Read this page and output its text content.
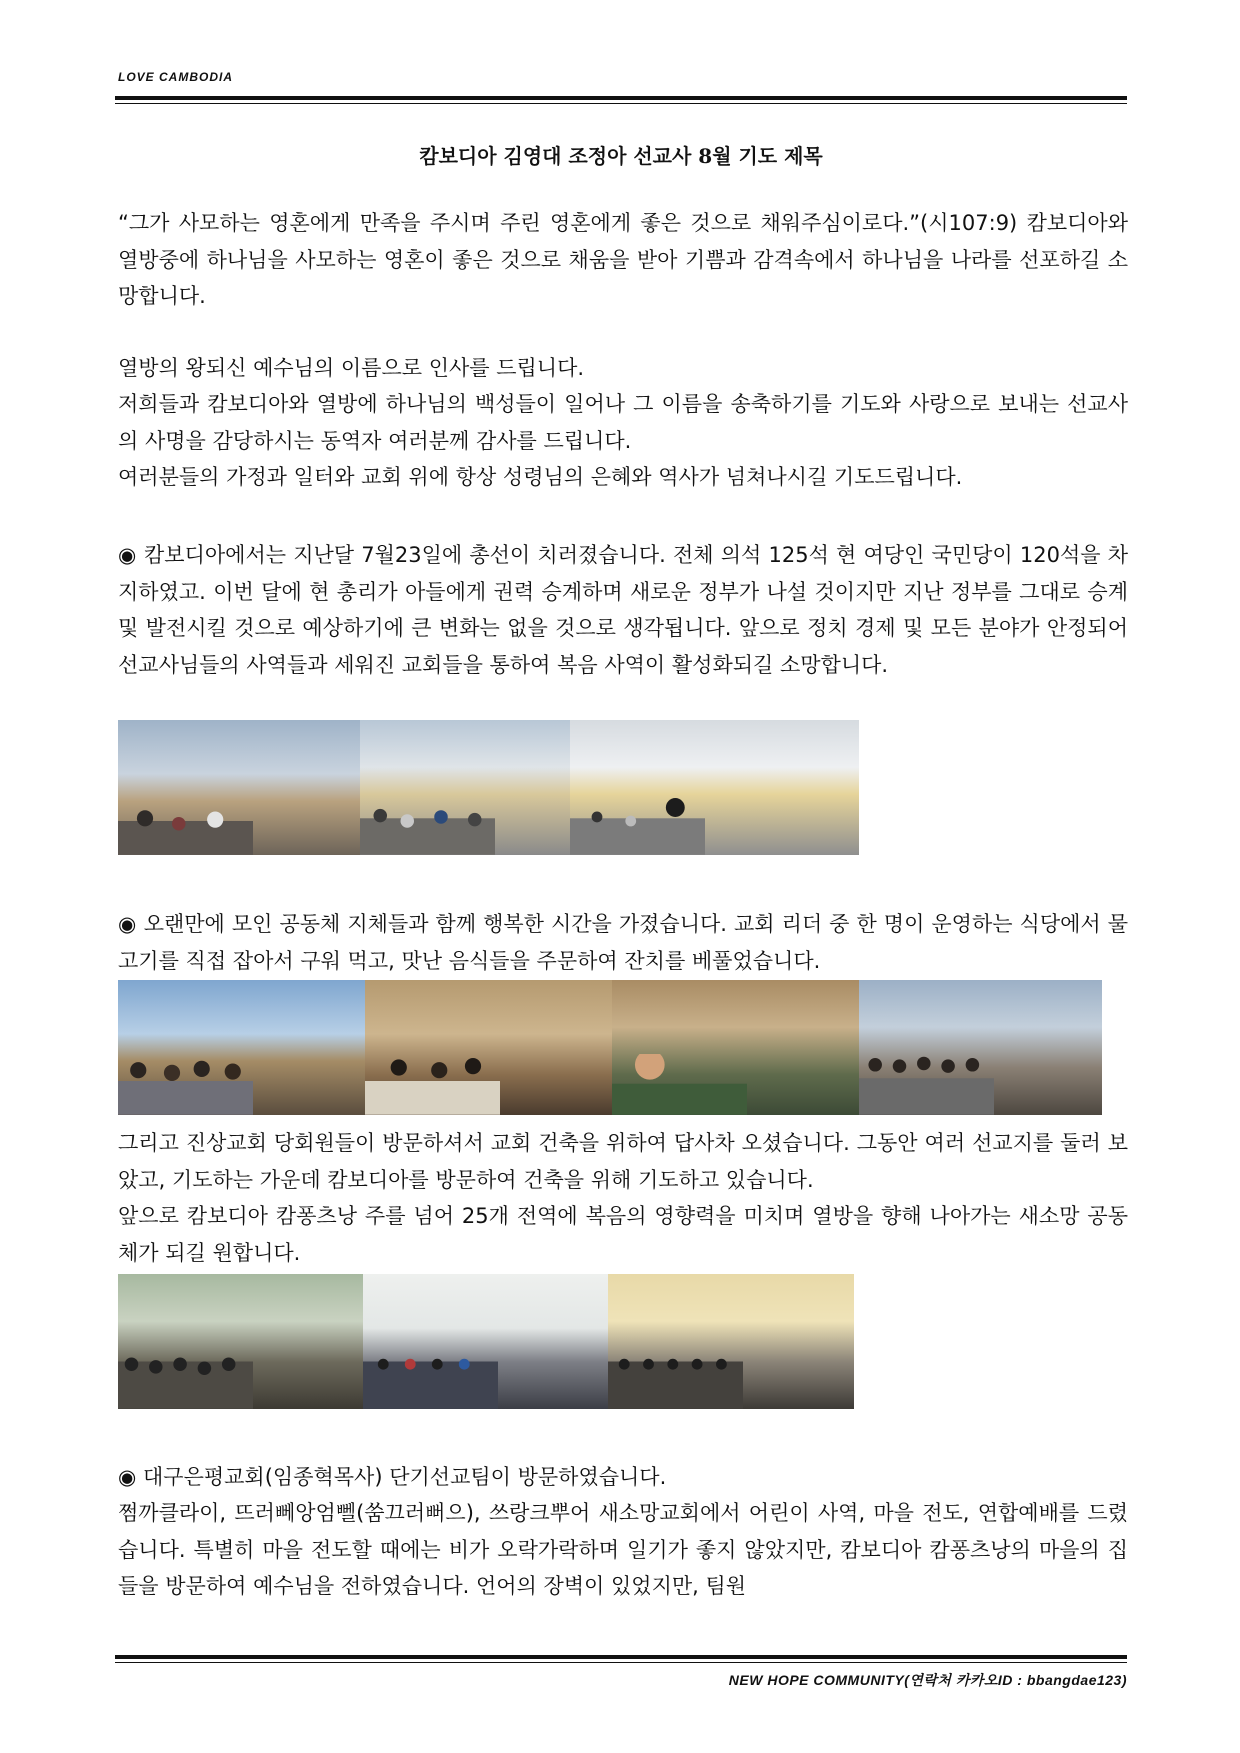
LOVE CAMBODIA
캄보디아 김영대 조정아 선교사 8월 기도 제목
“그가 사모하는 영혼에게 만족을 주시며 주린 영혼에게 좋은 것으로 채워주심이로다.”(시107:9) 캄보디아와 열방중에 하나님을 사모하는 영혼이 좋은 것으로 채움을 받아 기쁨과 감격속에서 하나님을 나라를 선포하길 소망합니다.
열방의 왕되신 예수님의 이름으로 인사를 드립니다.
저희들과 캄보디아와 열방에 하나님의 백성들이 일어나 그 이름을 송축하기를 기도와 사랑으로 보내는 선교사의 사명을 감당하시는 동역자 여러분께 감사를 드립니다.
여러분들의 가정과 일터와 교회 위에 항상 성령님의 은혜와 역사가 넘쳐나시길 기도드립니다.
◉ 캄보디아에서는 지난달 7월23일에 총선이 치러졌습니다. 전체 의석 125석 현 여당인 국민당이 120석을 차지하였고. 이번 달에 현 총리가 아들에게 권력 승계하며 새로운 정부가 나설 것이지만 지난 정부를 그대로 승계 및 발전시킬 것으로 예상하기에 큰 변화는 없을 것으로 생각됩니다. 앞으로 정치 경제 및 모든 분야가 안정되어 선교사님들의 사역들과 세워진 교회들을 통하여 복음 사역이 활성화되길 소망합니다.
◉ 오랜만에 모인 공동체 지체들과 함께 행복한 시간을 가졌습니다. 교회 리더 중 한 명이 운영하는 식당에서 물고기를 직접 잡아서 구워 먹고, 맛난 음식들을 주문하여 잔치를 베풀었습니다.
그리고 진상교회 당회원들이 방문하셔서 교회 건축을 위하여 답사차 오셨습니다. 그동안 여러 선교지를 둘러 보았고, 기도하는 가운데 캄보디아를 방문하여 건축을 위해 기도하고 있습니다.
앞으로 캄보디아 캄퐁츠낭 주를 넘어 25개 전역에 복음의 영향력을 미치며 열방을 향해 나아가는 새소망 공동체가 되길 원합니다.
◉ 대구은평교회(임종혁목사) 단기선교팀이 방문하였습니다.
쩜까클라이, 뜨러뻬앙엄뻴(쑴끄러뻐으), 쓰랑크뿌어 새소망교회에서 어린이 사역, 마을 전도, 연합예배를 드렸습니다. 특별히 마을 전도할 때에는 비가 오락가락하며 일기가 좋지 않았지만, 캄보디아 캄퐁츠낭의 마을의 집들을 방문하여 예수님을 전하였습니다. 언어의 장벽이 있었지만, 팀원
NEW HOPE COMMUNITY(연락처 카카오ID : bbangdae123)
